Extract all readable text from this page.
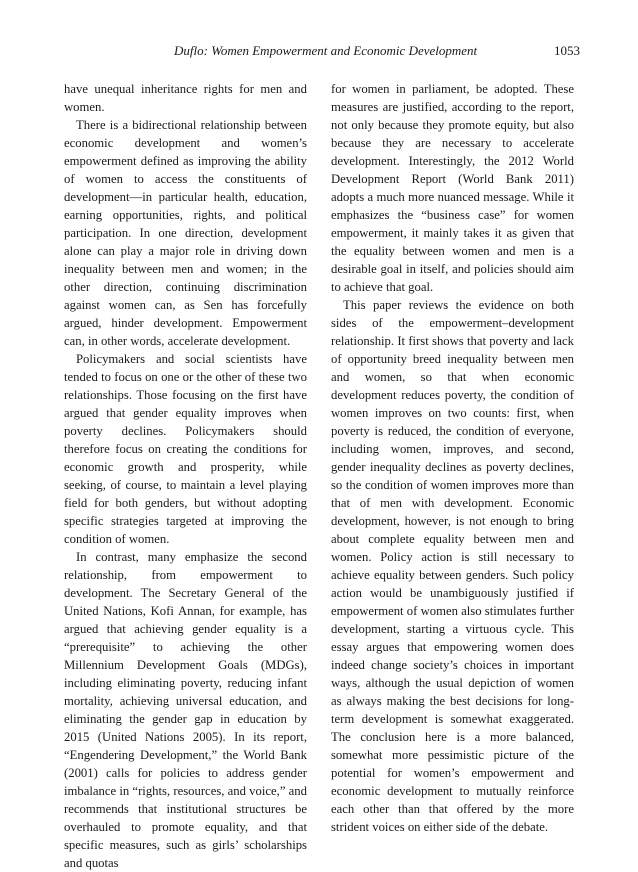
Duflo: Women Empowerment and Economic Development	1053

have unequal inheritance rights for men and women.

There is a bidirectional relationship between economic development and women’s empowerment defined as improving the ability of women to access the constituents of development—in particular health, education, earning opportunities, rights, and political participation. In one direction, development alone can play a major role in driving down inequality between men and women; in the other direction, continuing discrimination against women can, as Sen has forcefully argued, hinder development. Empowerment can, in other words, accelerate development.

Policymakers and social scientists have tended to focus on one or the other of these two relationships. Those focusing on the first have argued that gender equality improves when poverty declines. Policymakers should therefore focus on creating the conditions for economic growth and prosperity, while seeking, of course, to maintain a level playing field for both genders, but without adopting specific strategies targeted at improving the condition of women.

In contrast, many emphasize the second relationship, from empowerment to development. The Secretary General of the United Nations, Kofi Annan, for example, has argued that achieving gender equality is a “prerequisite” to achieving the other Millennium Development Goals (MDGs), including eliminating poverty, reducing infant mortality, achieving universal education, and eliminating the gender gap in education by 2015 (United Nations 2005). In its report, “Engendering Development,” the World Bank (2001) calls for policies to address gender imbalance in “rights, resources, and voice,” and recommends that institutional structures be overhauled to promote equality, and that specific measures, such as girls’ scholarships and quotas

for women in parliament, be adopted. These measures are justified, according to the report, not only because they promote equity, but also because they are necessary to accelerate development. Interestingly, the 2012 World Development Report (World Bank 2011) adopts a much more nuanced message. While it emphasizes the “business case” for women empowerment, it mainly takes it as given that the equality between women and men is a desirable goal in itself, and policies should aim to achieve that goal.

This paper reviews the evidence on both sides of the empowerment–development relationship. It first shows that poverty and lack of opportunity breed inequality between men and women, so that when economic development reduces poverty, the condition of women improves on two counts: first, when poverty is reduced, the condition of everyone, including women, improves, and second, gender inequality declines as poverty declines, so the condition of women improves more than that of men with development. Economic development, however, is not enough to bring about complete equality between men and women. Policy action is still necessary to achieve equality between genders. Such policy action would be unambiguously justified if empowerment of women also stimulates further development, starting a virtuous cycle. This essay argues that empowering women does indeed change society’s choices in important ways, although the usual depiction of women as always making the best decisions for long-term development is somewhat exaggerated. The conclusion here is a more balanced, somewhat more pessimistic picture of the potential for women’s empowerment and economic development to mutually reinforce each other than that offered by the more strident voices on either side of the debate.
